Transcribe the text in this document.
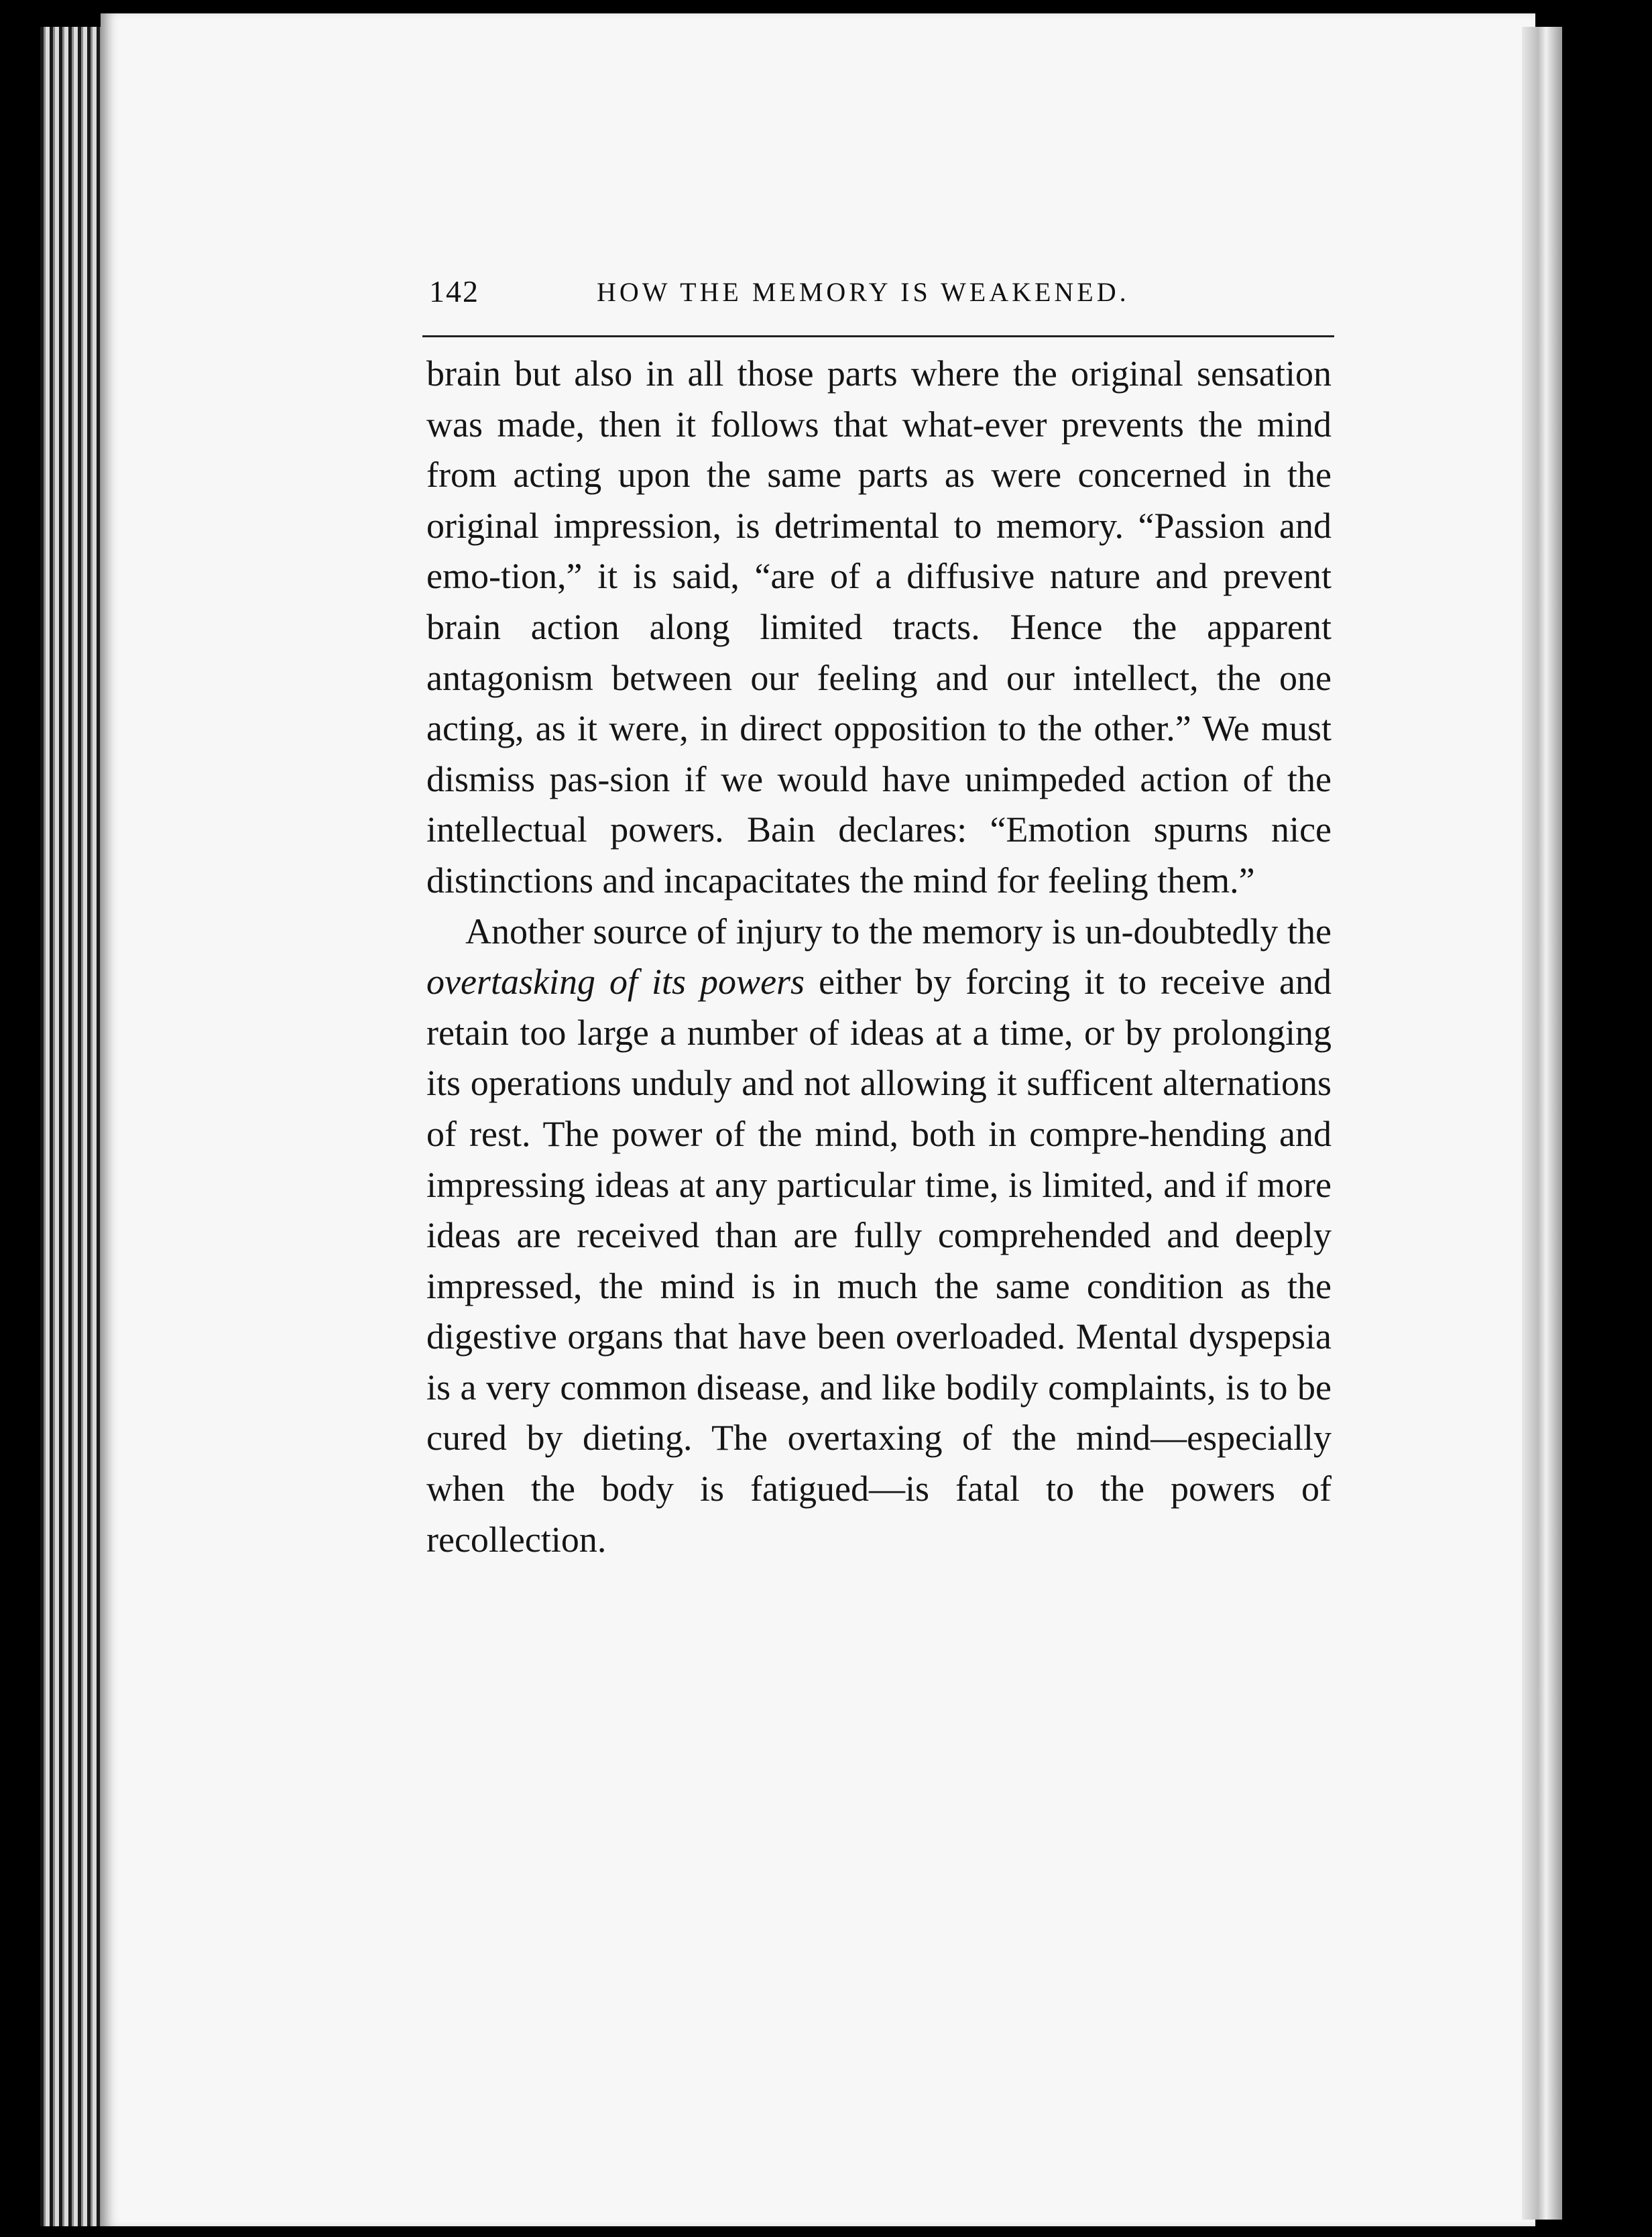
142	HOW THE MEMORY IS WEAKENED.

brain but also in all those parts where the original sensation was made, then it follows that what-ever prevents the mind from acting upon the same parts as were concerned in the original impression, is detrimental to memory. “Passion and emo-tion,” it is said, “are of a diffusive nature and prevent brain action along limited tracts. Hence the apparent antagonism between our feeling and our intellect, the one acting, as it were, in direct opposition to the other.” We must dismiss pas-sion if we would have unimpeded action of the intellectual powers. Bain declares: “Emotion spurns nice distinctions and incapacitates the mind for feeling them.”

Another source of injury to the memory is un-doubtedly the overtasking of its powers either by forcing it to receive and retain too large a number of ideas at a time, or by prolonging its operations unduly and not allowing it sufficent alternations of rest. The power of the mind, both in compre-hending and impressing ideas at any particular time, is limited, and if more ideas are received than are fully comprehended and deeply impressed, the mind is in much the same condition as the digestive organs that have been overloaded. Mental dyspepsia is a very common disease, and like bodily complaints, is to be cured by dieting. The overtaxing of the mind—especially when the body is fatigued—is fatal to the powers of recollection.
